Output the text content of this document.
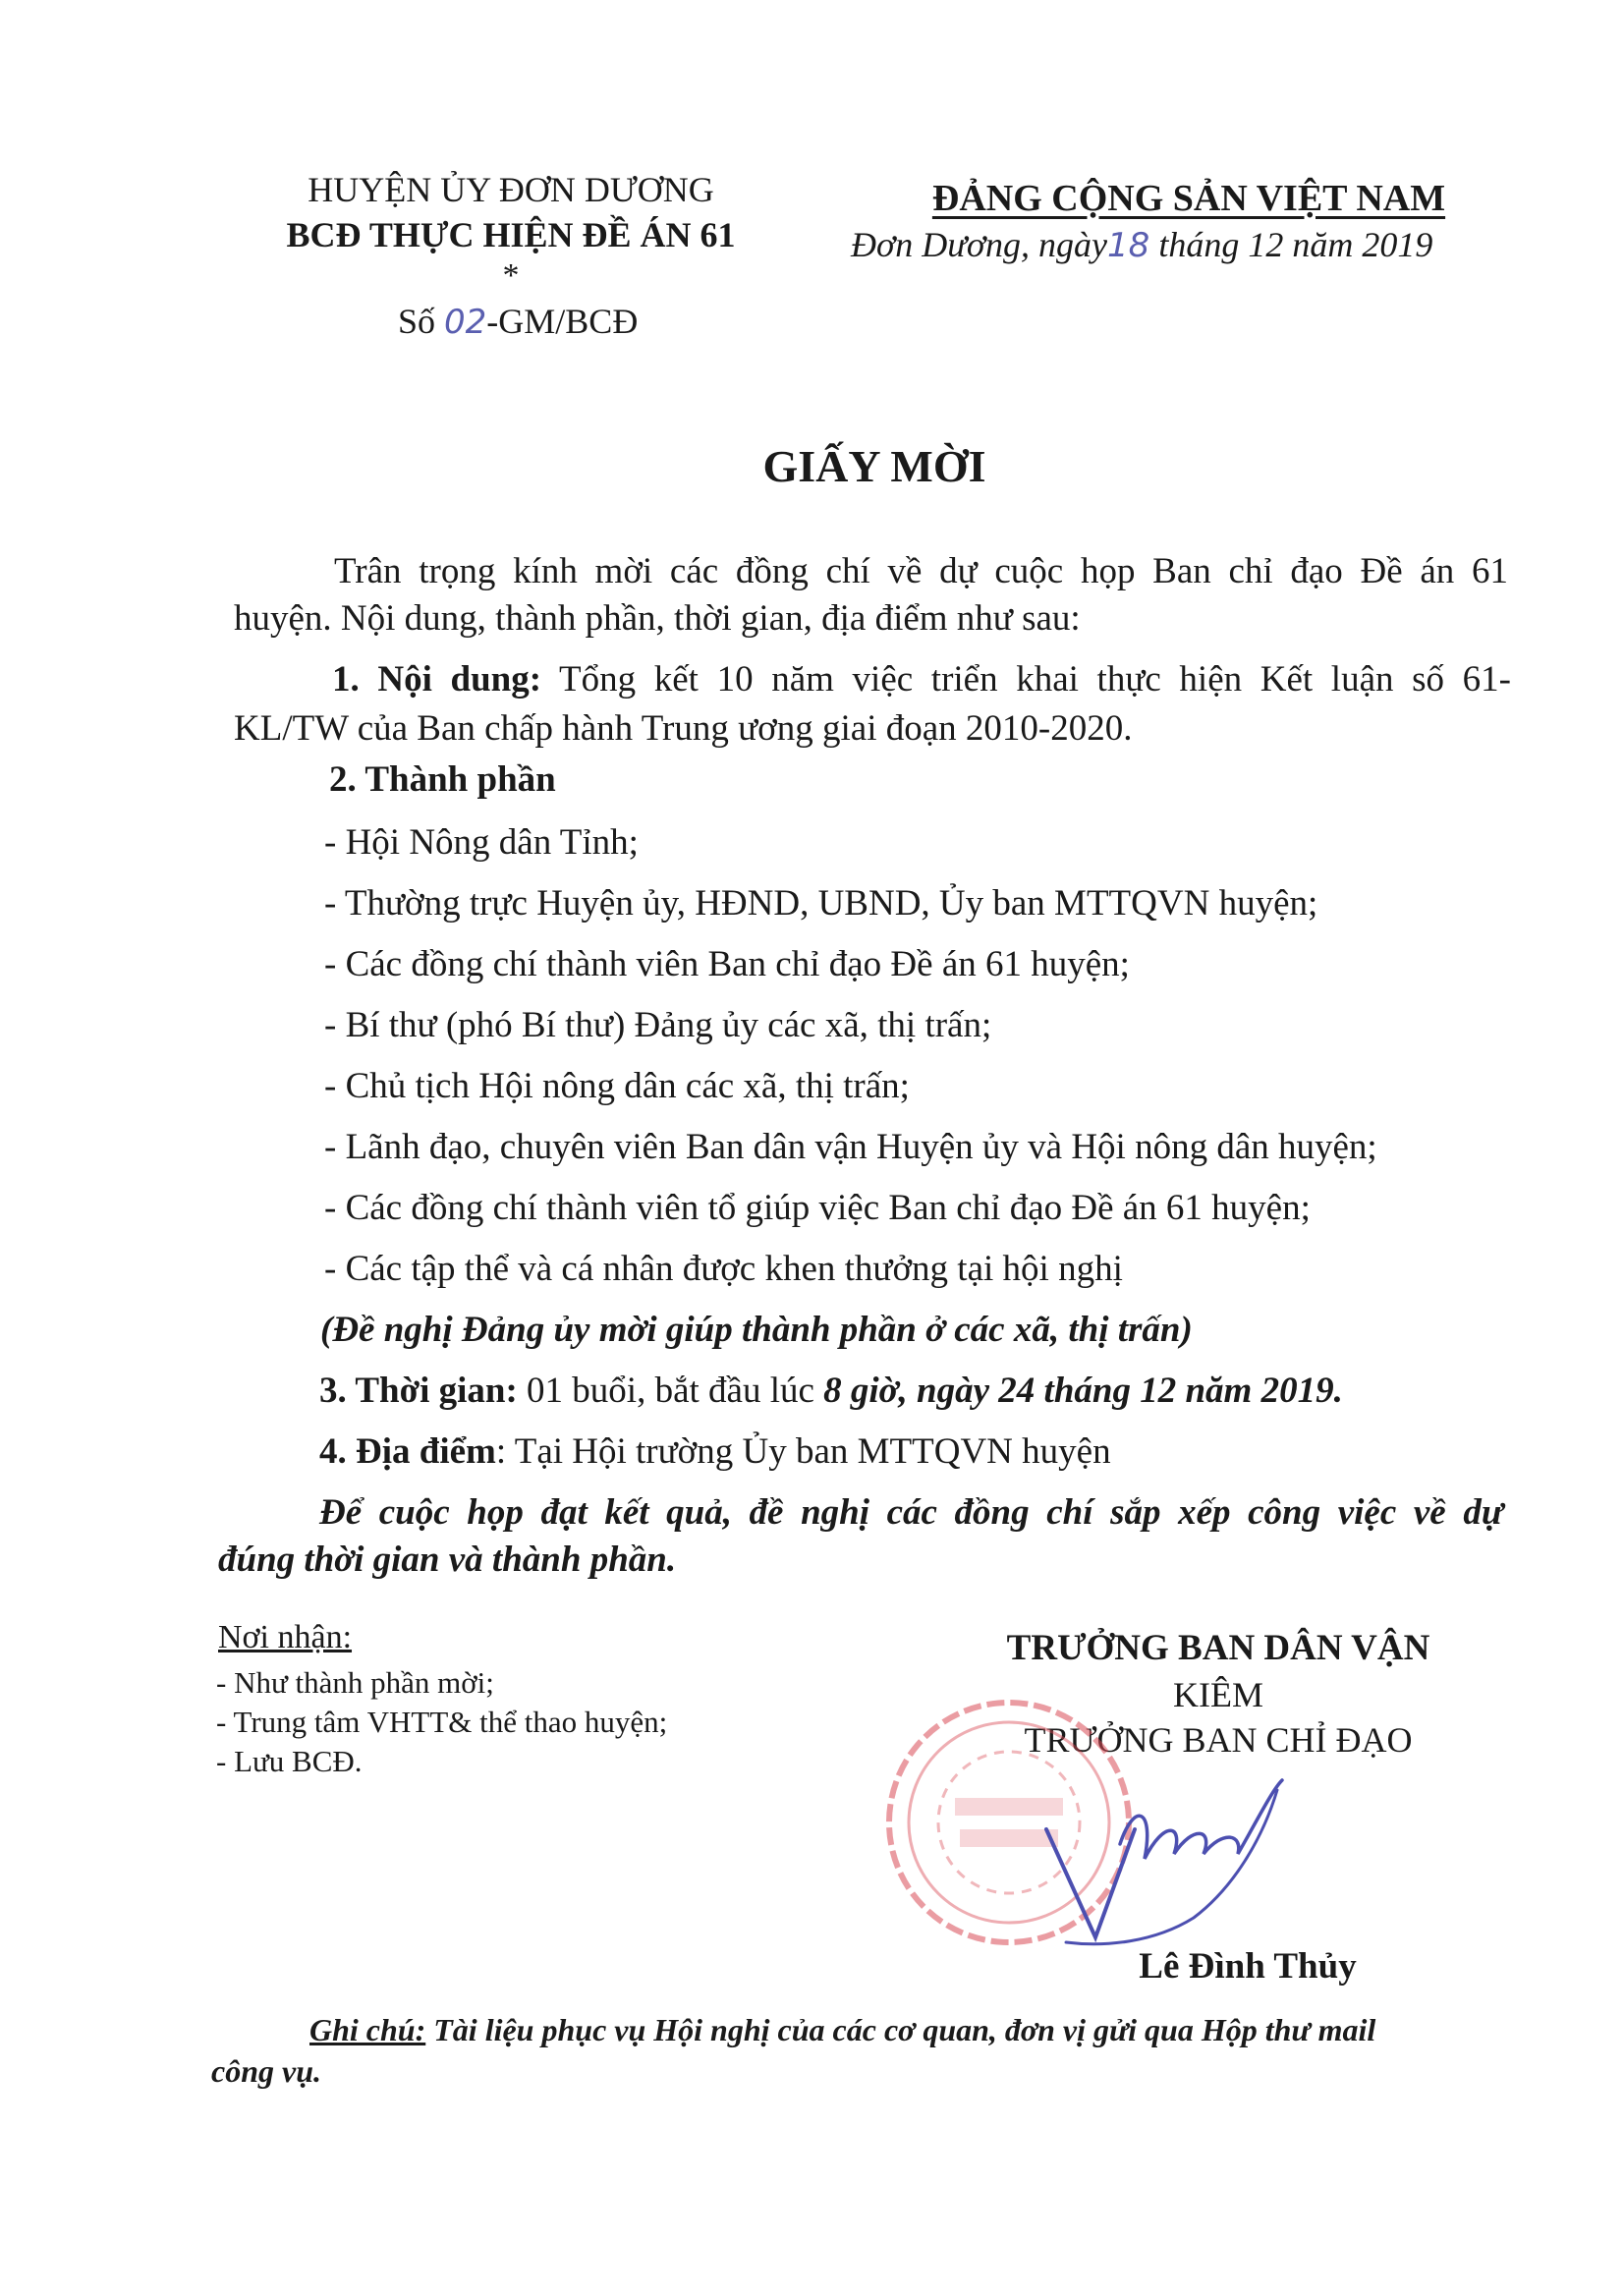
HUYỆN ỦY ĐƠN DƯƠNG
BCĐ THỰC HIỆN ĐỀ ÁN 61
*
Số 02-GM/BCĐ
ĐẢNG CỘNG SẢN VIỆT NAM
Đơn Dương, ngày18 tháng 12 năm 2019
GIẤY MỜI
Trân trọng kính mời các đồng chí về dự cuộc họp Ban chỉ đạo Đề án 61
huyện. Nội dung, thành phần, thời gian, địa điểm như sau:
1. Nội dung: Tổng kết 10 năm việc triển khai thực hiện Kết luận số 61-
KL/TW của Ban chấp hành Trung ương giai đoạn 2010-2020.
2. Thành phần
- Hội Nông dân Tỉnh;
- Thường trực Huyện ủy, HĐND, UBND, Ủy ban MTTQVN huyện;
- Các đồng chí thành viên Ban chỉ đạo Đề án 61 huyện;
- Bí thư (phó Bí thư) Đảng ủy các xã, thị trấn;
- Chủ tịch Hội nông dân các xã, thị trấn;
- Lãnh đạo, chuyên viên Ban dân vận Huyện ủy và Hội nông dân huyện;
- Các đồng chí thành viên tổ giúp việc Ban chỉ đạo Đề án 61 huyện;
- Các tập thể và cá nhân được khen thưởng tại hội nghị
(Đề nghị Đảng ủy mời giúp thành phần ở các xã, thị trấn)
3. Thời gian: 01 buổi, bắt đầu lúc 8 giờ, ngày 24 tháng 12 năm 2019.
4. Địa điểm: Tại Hội trường Ủy ban MTTQVN huyện
Để cuộc họp đạt kết quả, đề nghị các đồng chí sắp xếp công việc về dự
đúng thời gian và thành phần.
Nơi nhận:
- Như thành phần mời;
- Trung tâm VHTT& thể thao huyện;
- Lưu BCĐ.
TRƯỞNG BAN DÂN VẬN
KIÊM
TRƯỞNG BAN CHỈ ĐẠO
Lê Đình Thủy
Ghi chú: Tài liệu phục vụ Hội nghị của các cơ quan, đơn vị gửi qua Hộp thư mail
công vụ.
